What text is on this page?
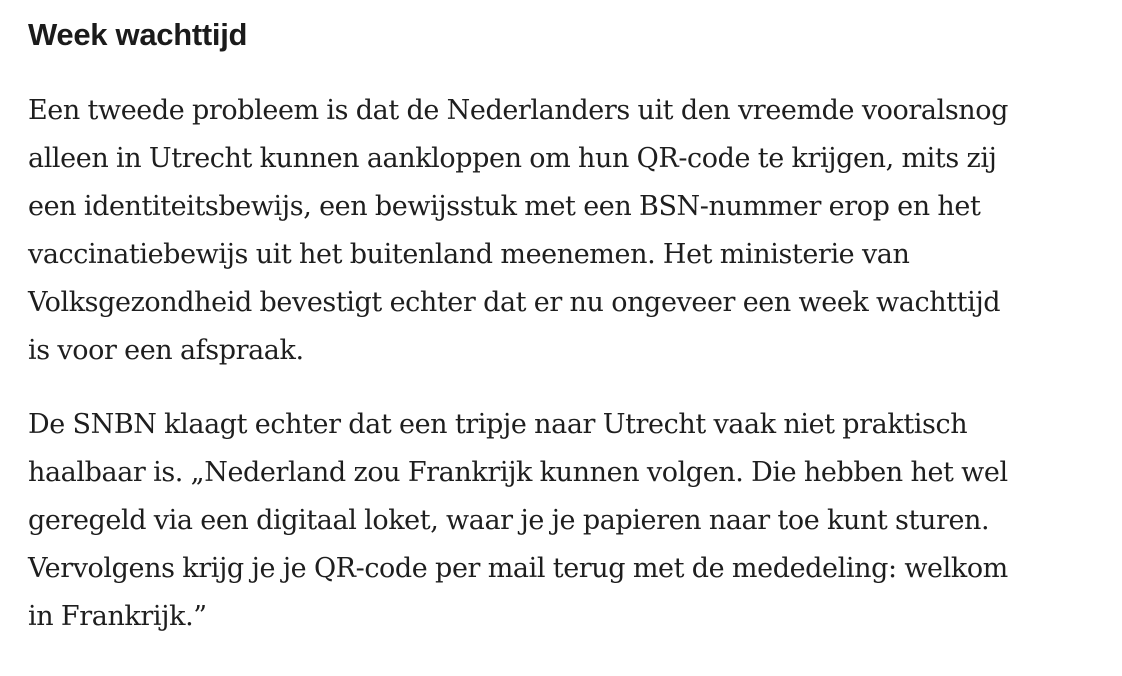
Week wachttijd

Een tweede probleem is dat de Nederlanders uit den vreemde vooralsnog
alleen in Utrecht kunnen aankloppen om hun QR-code te krijgen, mits zij
een identiteitsbewijs, een bewijsstuk met een BSN-nummer erop en het
vaccinatiebewijs uit het buitenland meenemen. Het ministerie van
Volksgezondheid bevestigt echter dat er nu ongeveer een week wachttijd
is voor een afspraak.

De SNBN klaagt echter dat een tripje naar Utrecht vaak niet praktisch
haalbaar is. „Nederland zou Frankrijk kunnen volgen. Die hebben het wel
geregeld via een digitaal loket, waar je je papieren naar toe kunt sturen.
Vervolgens krijg je je QR-code per mail terug met de mededeling: welkom
in Frankrijk.”
